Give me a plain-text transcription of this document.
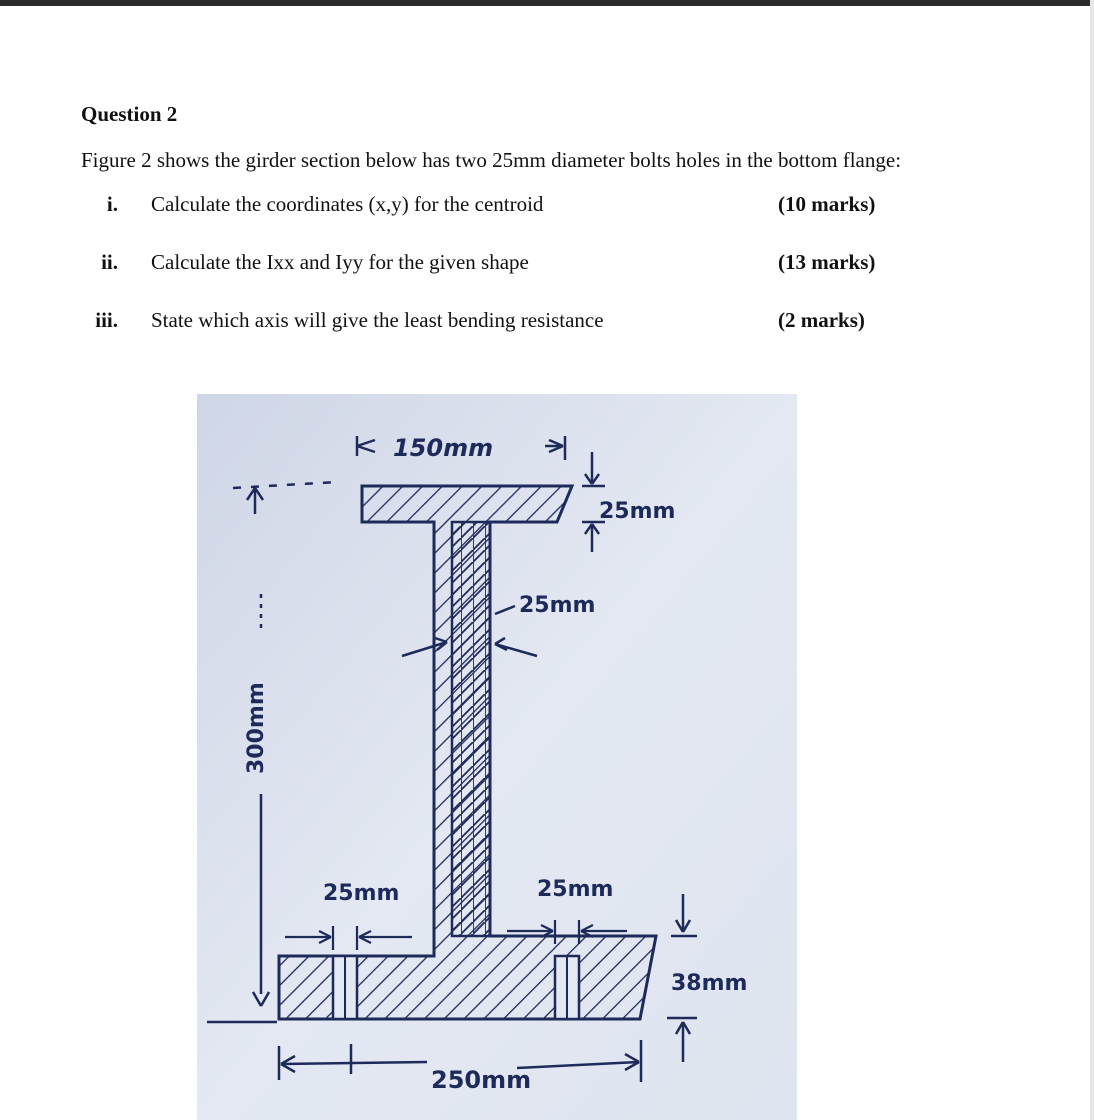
Question 2
Figure 2 shows the girder section below has two 25mm diameter bolts holes in the bottom flange:
i. Calculate the coordinates (x,y) for the centroid	(10 marks)
ii. Calculate the Ixx and Iyy for the given shape	(13 marks)
iii. State which axis will give the least bending resistance	(2 marks)
150mm
25mm
25mm
300mm
25mm	25mm
38mm
250mm
